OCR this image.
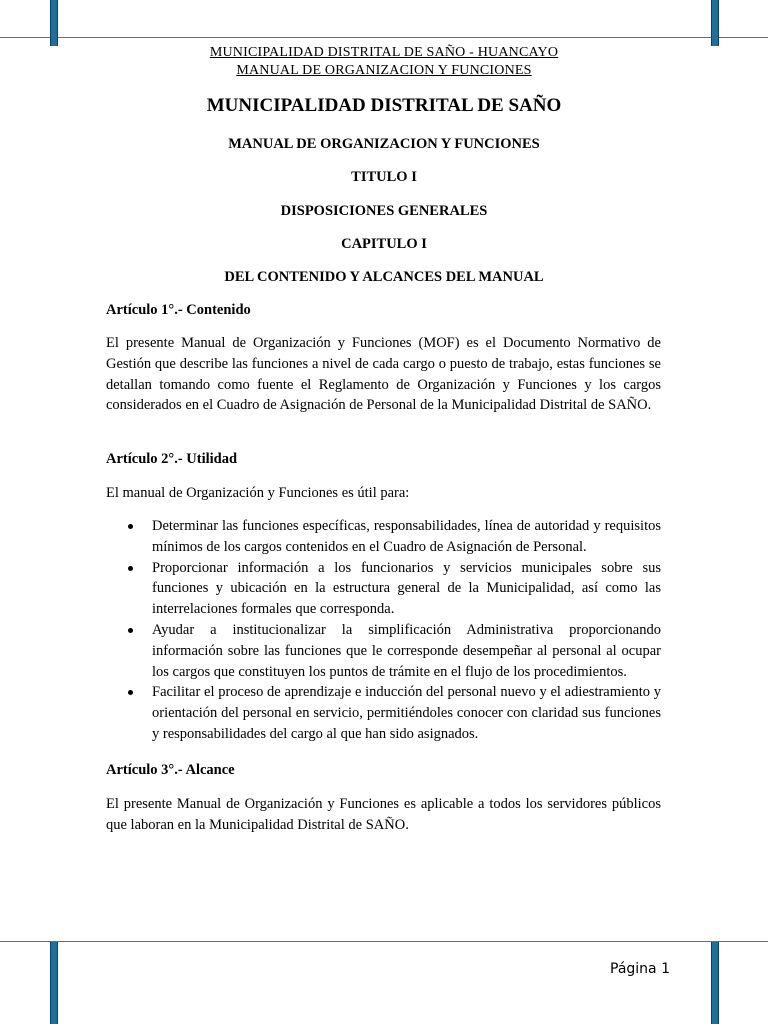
MUNICIPALIDAD DISTRITAL DE SAÑO - HUANCAYO
MANUAL DE ORGANIZACION Y FUNCIONES
MUNICIPALIDAD DISTRITAL DE SAÑO
MANUAL DE ORGANIZACION Y FUNCIONES
TITULO I
DISPOSICIONES GENERALES
CAPITULO I
DEL CONTENIDO Y ALCANCES DEL MANUAL
Artículo 1°.- Contenido
El presente Manual de Organización y Funciones (MOF) es el Documento Normativo de Gestión que describe las funciones a nivel de cada cargo o puesto de trabajo, estas funciones se detallan tomando como fuente el Reglamento de Organización y Funciones y los cargos considerados en el Cuadro de Asignación de Personal de la Municipalidad Distrital de SAÑO.
Artículo 2°.- Utilidad
El manual de Organización y Funciones es útil para:
Determinar las funciones específicas, responsabilidades, línea de autoridad y requisitos mínimos de los cargos contenidos en el Cuadro de Asignación de Personal.
Proporcionar información a los funcionarios y servicios municipales sobre sus funciones y ubicación en la estructura general de la Municipalidad, así como las interrelaciones formales que corresponda.
Ayudar a institucionalizar la simplificación Administrativa proporcionando información sobre las funciones que le corresponde desempeñar al personal al ocupar los cargos que constituyen los puntos de trámite en el flujo de los procedimientos.
Facilitar el proceso de aprendizaje e inducción del personal nuevo y el adiestramiento y orientación del personal en servicio, permitiéndoles conocer con claridad sus funciones y responsabilidades del cargo al que han sido asignados.
Artículo 3°.- Alcance
El presente Manual de Organización y Funciones es aplicable a todos los servidores públicos que laboran en la Municipalidad Distrital de SAÑO.
Página 1
